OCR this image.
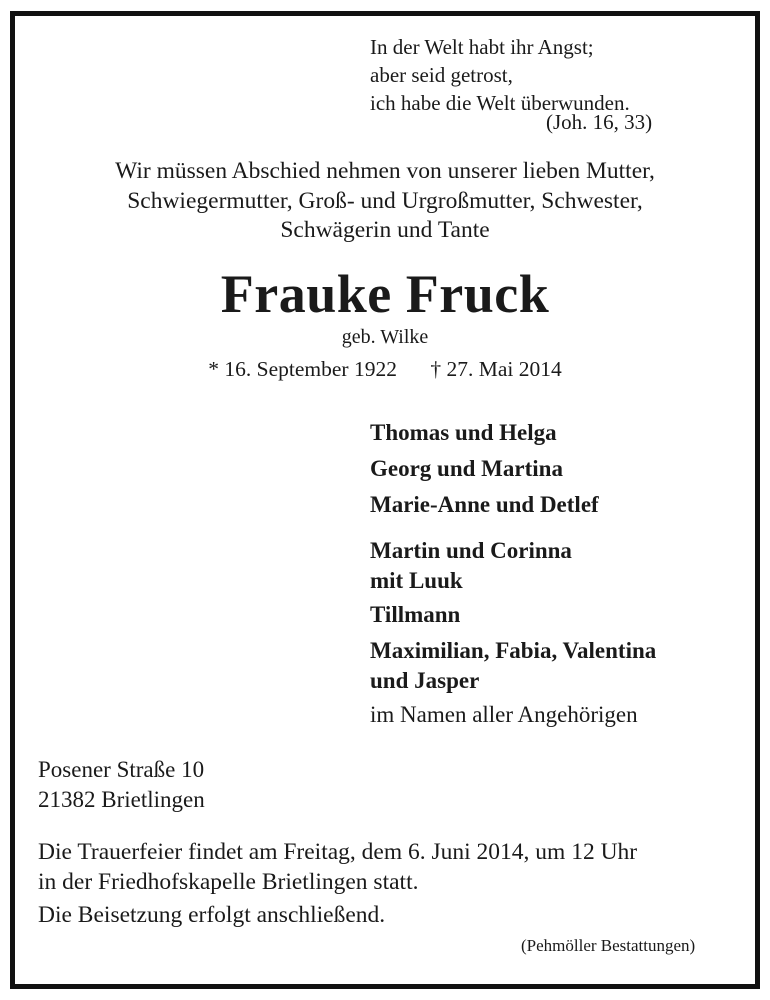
In der Welt habt ihr Angst;
aber seid getrost,
ich habe die Welt überwunden.
(Joh. 16, 33)
Wir müssen Abschied nehmen von unserer lieben Mutter,
Schwiegermutter, Groß- und Urgroßmutter, Schwester,
Schwägerin und Tante
Frauke Fruck
geb. Wilke
* 16. September 1922 † 27. Mai 2014
Thomas und Helga
Georg und Martina
Marie-Anne und Detlef
Martin und Corinna
mit Luuk
Tillmann
Maximilian, Fabia, Valentina
und Jasper
im Namen aller Angehörigen
Posener Straße 10
21382 Brietlingen
Die Trauerfeier findet am Freitag, dem 6. Juni 2014, um 12 Uhr
in der Friedhofskapelle Brietlingen statt.
Die Beisetzung erfolgt anschließend.
(Pehmöller Bestattungen)
